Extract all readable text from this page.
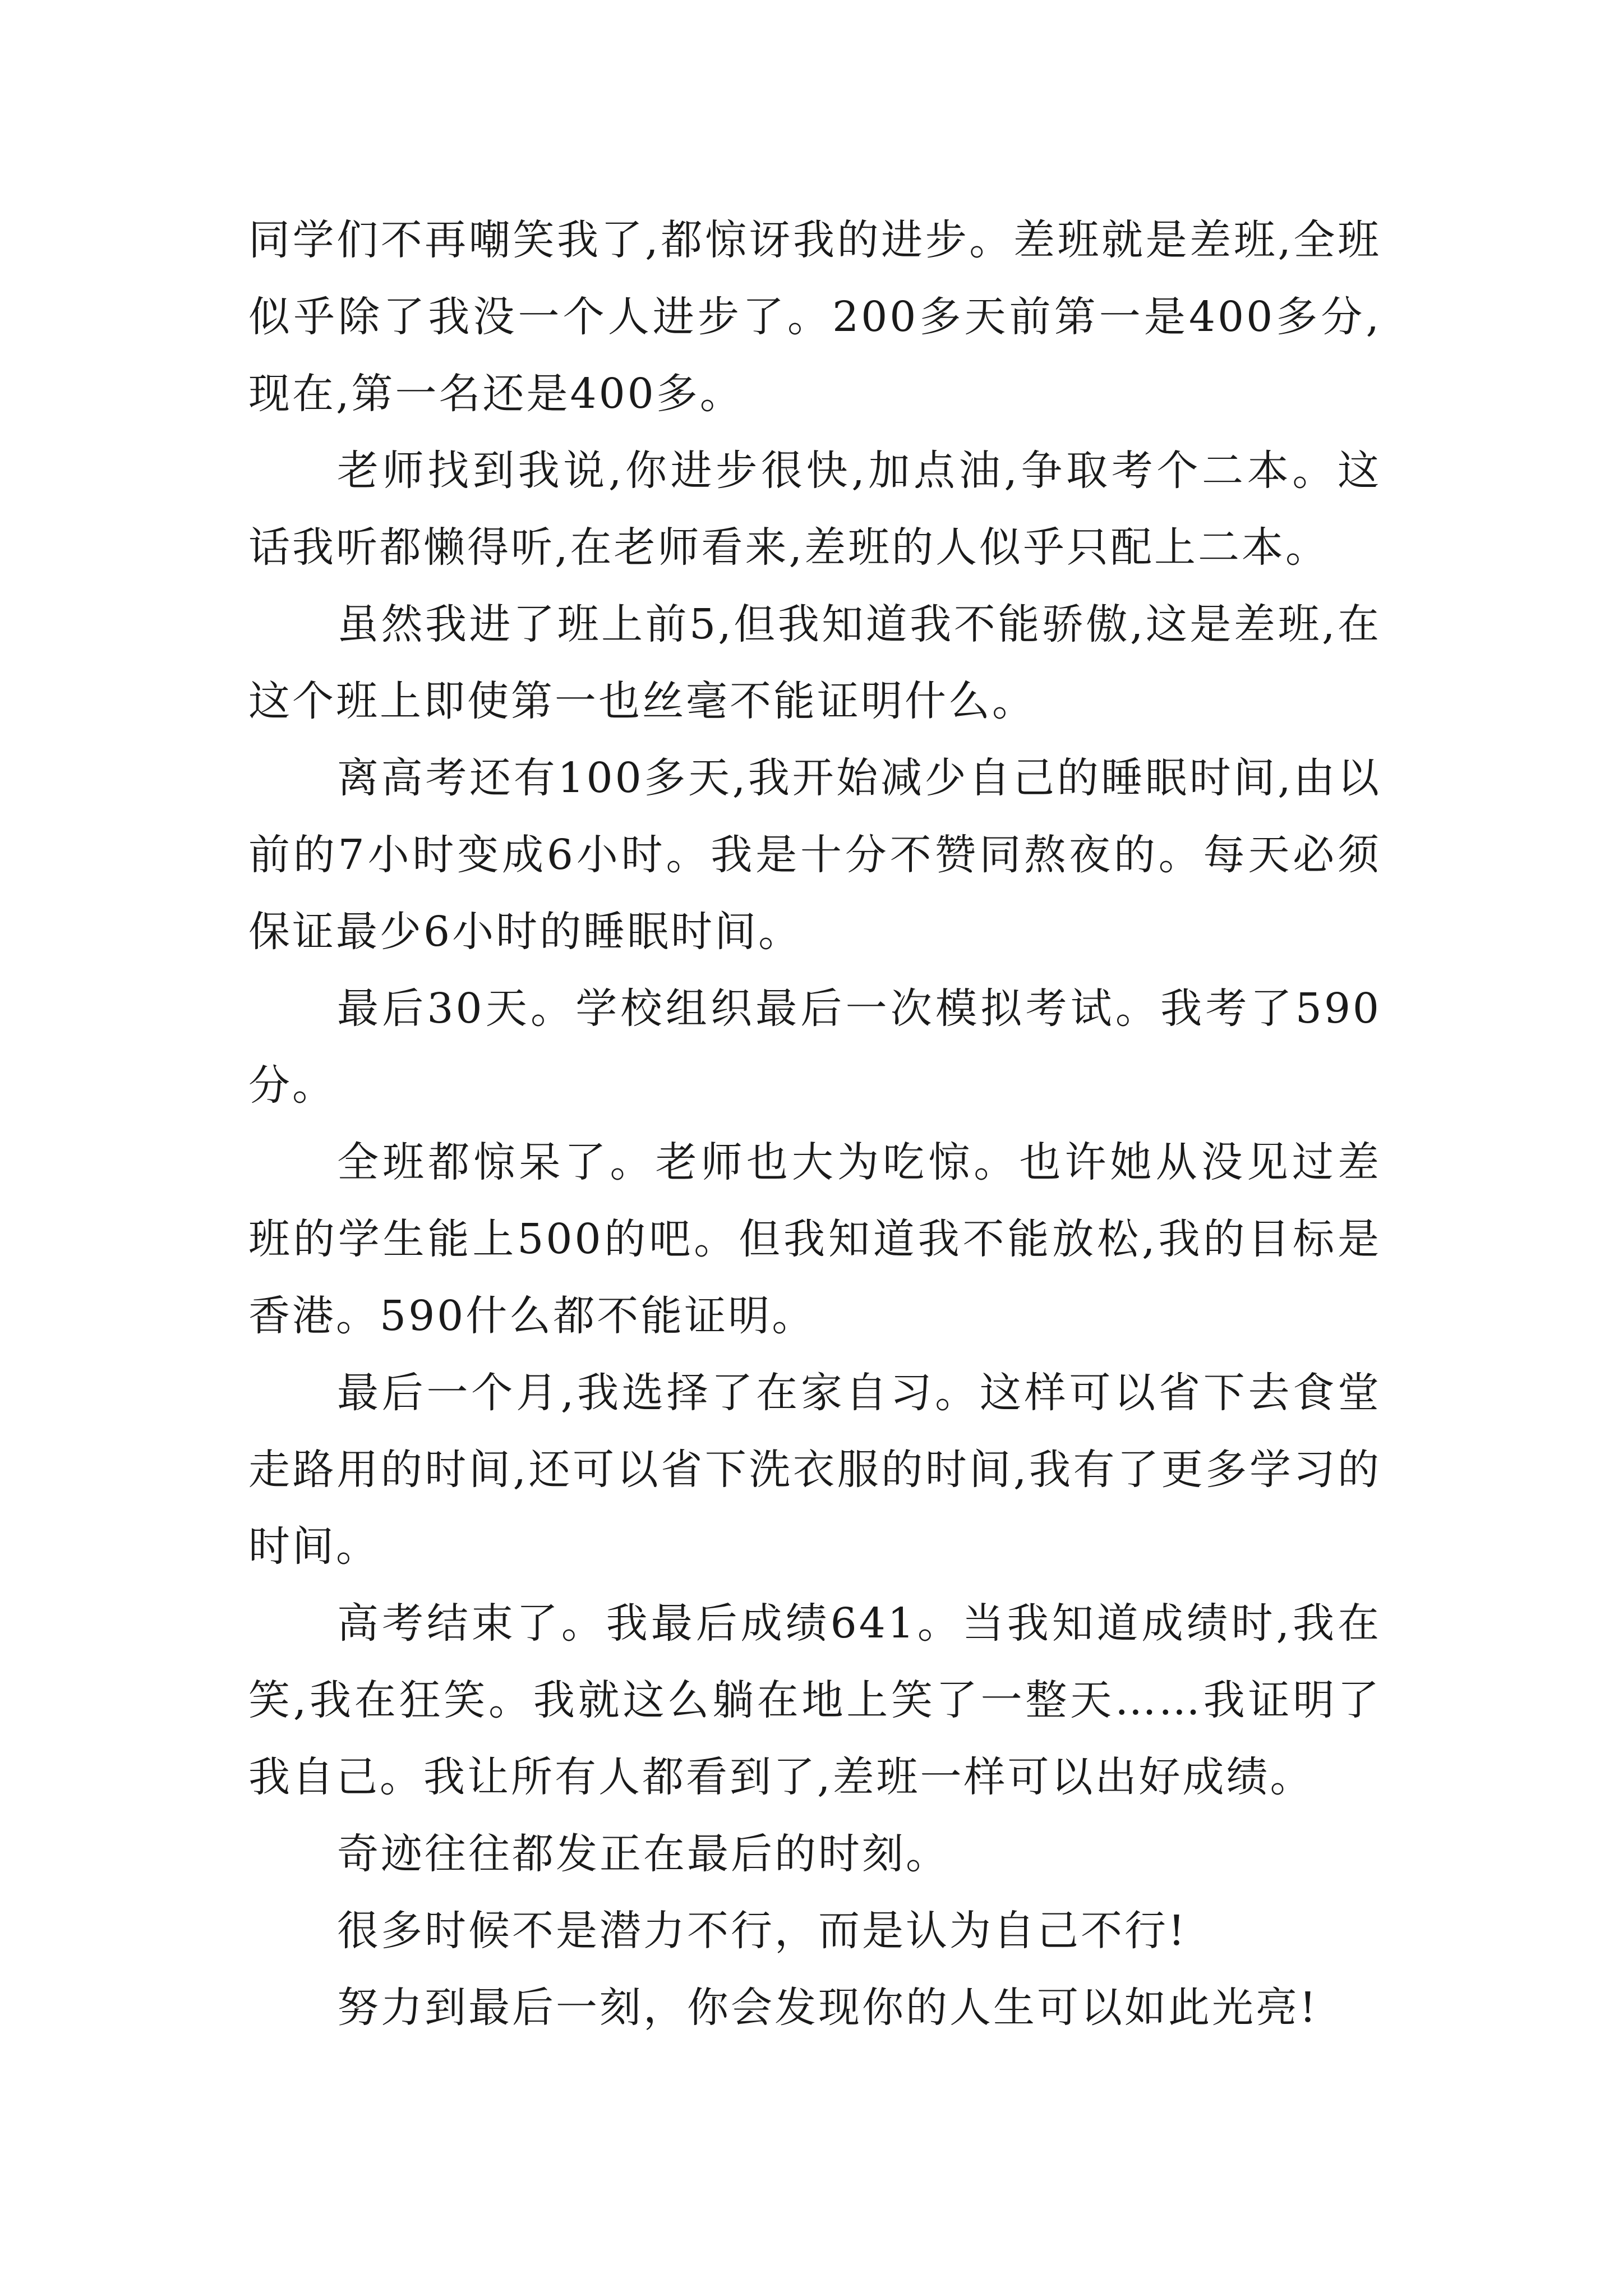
同学们不再嘲笑我了,都惊讶我的进步。差班就是差班,全班似乎除了我没一个人进步了。200多天前第一是400多分,现在,第一名还是400多。

老师找到我说,你进步很快,加点油,争取考个二本。这话我听都懒得听,在老师看来,差班的人似乎只配上二本。

虽然我进了班上前5,但我知道我不能骄傲,这是差班,在这个班上即使第一也丝毫不能证明什么。

离高考还有100多天,我开始减少自己的睡眠时间,由以前的7小时变成6小时。我是十分不赞同熬夜的。每天必须保证最少6小时的睡眠时间。

最后30天。学校组织最后一次模拟考试。我考了590分。

全班都惊呆了。老师也大为吃惊。也许她从没见过差班的学生能上500的吧。但我知道我不能放松,我的目标是香港。590什么都不能证明。

最后一个月,我选择了在家自习。这样可以省下去食堂走路用的时间,还可以省下洗衣服的时间,我有了更多学习的时间。

高考结束了。我最后成绩641。当我知道成绩时,我在笑,我在狂笑。我就这么躺在地上笑了一整天……我证明了我自己。我让所有人都看到了,差班一样可以出好成绩。

奇迹往往都发正在最后的时刻。

很多时候不是潜力不行，而是认为自己不行!

努力到最后一刻，你会发现你的人生可以如此光亮!
